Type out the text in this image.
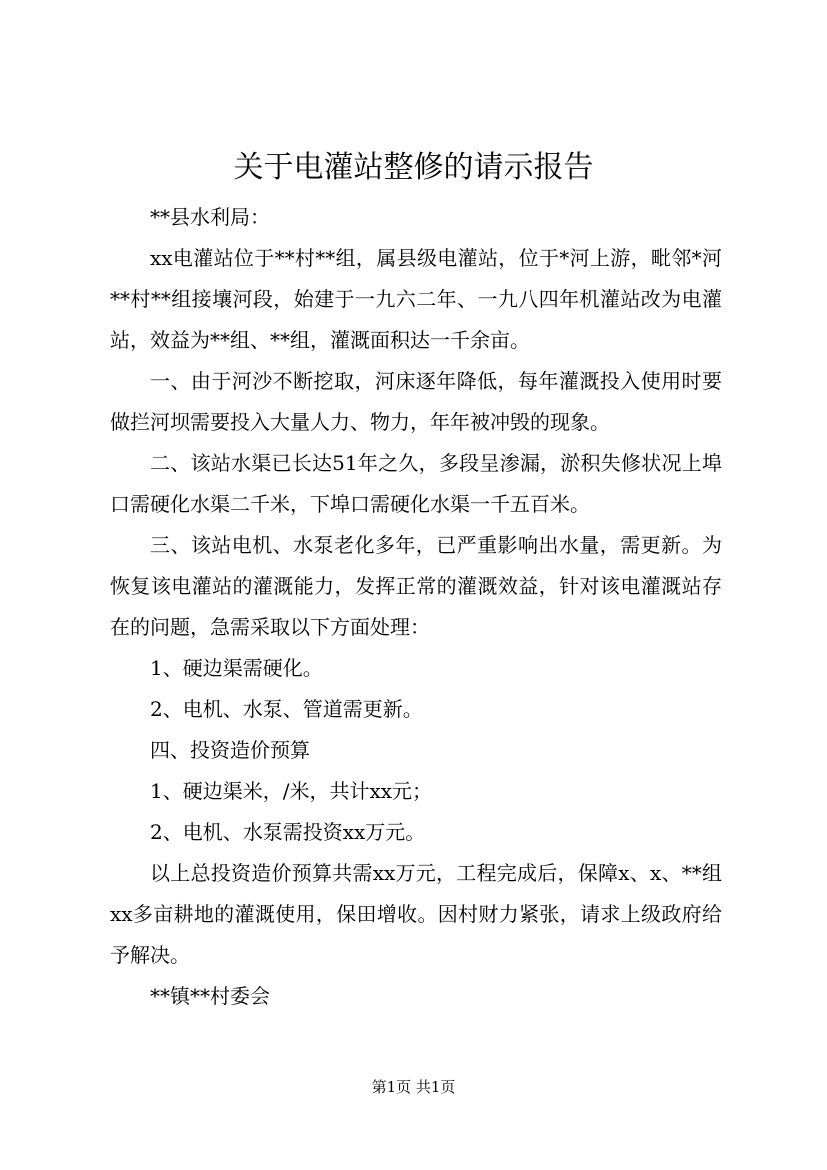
关于电灌站整修的请示报告

**县水利局：

xx电灌站位于**村**组，属县级电灌站，位于*河上游，毗邻*河**村**组接壤河段，始建于一九六二年、一九八四年机灌站改为电灌站，效益为**组、**组，灌溉面积达一千余亩。

一、由于河沙不断挖取，河床逐年降低，每年灌溉投入使用时要做拦河坝需要投入大量人力、物力，年年被冲毁的现象。

二、该站水渠已长达51年之久，多段呈渗漏，淤积失修状况上埠口需硬化水渠二千米，下埠口需硬化水渠一千五百米。

三、该站电机、水泵老化多年，已严重影响出水量，需更新。为恢复该电灌站的灌溉能力，发挥正常的灌溉效益，针对该电灌溉站存在的问题，急需采取以下方面处理：

1、硬边渠需硬化。

2、电机、水泵、管道需更新。

四、投资造价预算

1、硬边渠米，/米，共计xx元；

2、电机、水泵需投资xx万元。

以上总投资造价预算共需xx万元，工程完成后，保障x、x、**组xx多亩耕地的灌溉使用，保田增收。因村财力紧张，请求上级政府给予解决。

**镇**村委会

第1页 共1页
